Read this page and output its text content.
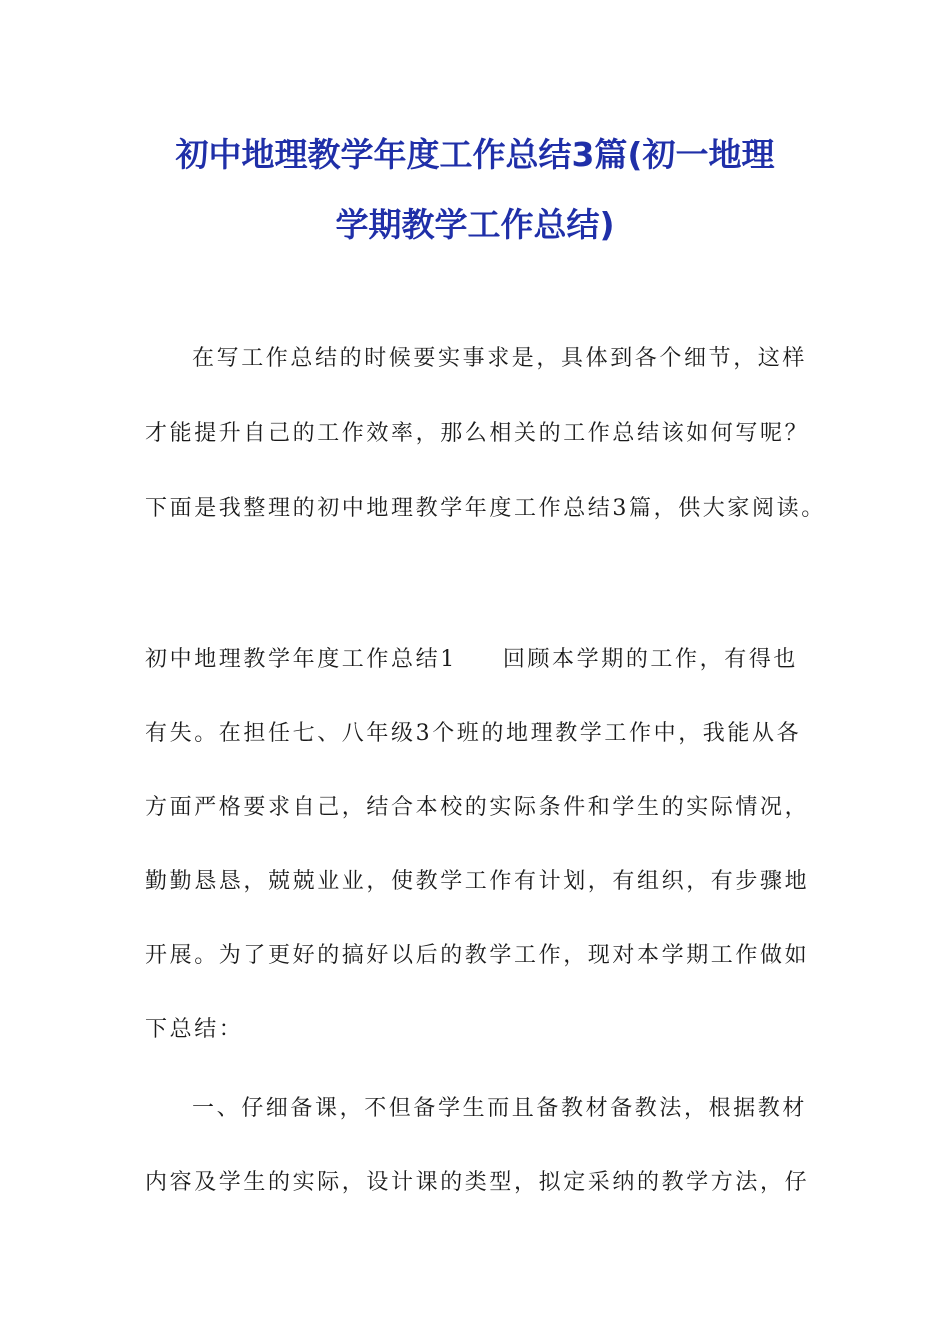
初中地理教学年度工作总结3篇(初一地理
学期教学工作总结)
在写工作总结的时候要实事求是，具体到各个细节，这样
才能提升自己的工作效率，那么相关的工作总结该如何写呢？
下面是我整理的初中地理教学年度工作总结3篇，供大家阅读。
初中地理教学年度工作总结1 回顾本学期的工作，有得也
有失。在担任七、八年级3个班的地理教学工作中，我能从各
方面严格要求自己，结合本校的实际条件和学生的实际情况，
勤勤恳恳，兢兢业业，使教学工作有计划，有组织，有步骤地
开展。为了更好的搞好以后的教学工作，现对本学期工作做如
下总结：
一、仔细备课，不但备学生而且备教材备教法，根据教材
内容及学生的实际，设计课的类型，拟定采纳的教学方法，仔
